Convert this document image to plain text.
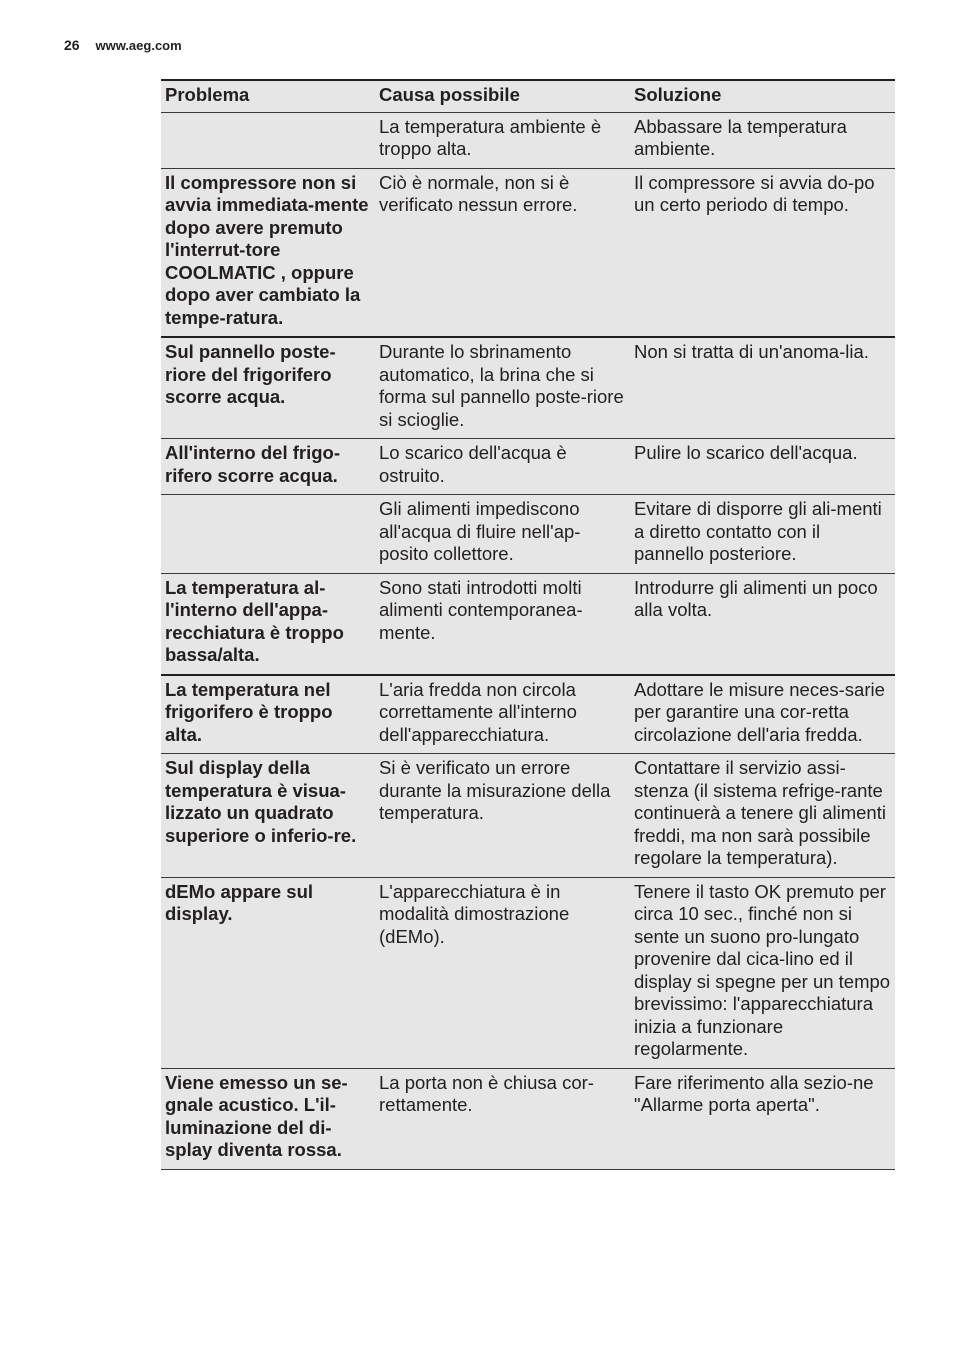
26 www.aeg.com
Problema	Causa possibile	Soluzione
	La temperatura ambiente è troppo alta.	Abbassare la temperatura ambiente.
Il compressore non si avvia immediata-mente dopo avere premuto l'interrut-tore COOLMATIC , oppure dopo aver cambiato la tempe-ratura.	Ciò è normale, non si è verificato nessun errore.	Il compressore si avvia do-po un certo periodo di tempo.
Sul pannello poste-riore del frigorifero scorre acqua.	Durante lo sbrinamento automatico, la brina che si forma sul pannello poste-riore si scioglie.	Non si tratta di un'anoma-lia.
All'interno del frigo-rifero scorre acqua.	Lo scarico dell'acqua è ostruito.	Pulire lo scarico dell'acqua.
	Gli alimenti impediscono all'acqua di fluire nell'ap-posito collettore.	Evitare di disporre gli ali-menti a diretto contatto con il pannello posteriore.
La temperatura al-l'interno dell'appa-recchiatura è troppo bassa/alta.	Sono stati introdotti molti alimenti contemporanea-mente.	Introdurre gli alimenti un poco alla volta.
La temperatura nel frigorifero è troppo alta.	L'aria fredda non circola correttamente all'interno dell'apparecchiatura.	Adottare le misure neces-sarie per garantire una cor-retta circolazione dell'aria fredda.
Sul display della temperatura è visua-lizzato un quadrato superiore o inferio-re.	Si è verificato un errore durante la misurazione della temperatura.	Contattare il servizio assi-stenza (il sistema refrige-rante continuerà a tenere gli alimenti freddi, ma non sarà possibile regolare la temperatura).
dEMo appare sul display.	L'apparecchiatura è in modalità dimostrazione (dEMo).	Tenere il tasto OK premuto per circa 10 sec., finché non si sente un suono pro-lungato provenire dal cica-lino ed il display si spegne per un tempo brevissimo: l'apparecchiatura inizia a funzionare regolarmente.
Viene emesso un se-gnale acustico. L'il-luminazione del di-splay diventa rossa.	La porta non è chiusa cor-rettamente.	Fare riferimento alla sezio-ne "Allarme porta aperta".
